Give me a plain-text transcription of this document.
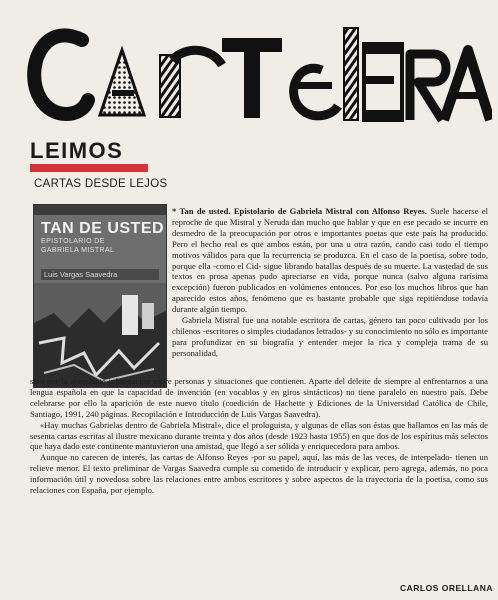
LEIMOS
CARTAS DESDE LEJOS
TAN DE USTED
EPISTOLARIO DE
GABRIELA MISTRAL
Luis Vargas Saavedra

* Tan de usted. Epistolario de Gabriela Mistral con Alfonso Reyes. Suele hacerse el reproche de que Mistral y Neruda dan mucho que hablar y que en ese pecado se incurre en desmedro de la preocupación por otros e importantes poetas que este país ha producido. Pero el hecho real es que ambos están, por una u otra razón, cando casi todo el tiempo motivos válidos para que la recurrencia se produzca. En el caso de la poetisa, sobre todo, porque ella -como el Cid- sigue librando batallas después de su muerte. La vastedad de sus textos en prosa apenas pudo apreciarse en vida, porque nunca (salvo alguna rarísima excepción) fueron publicados en volúmenes entonces. Por eso los muchos libros que han aparecido estos años, fenómeno que es bastante probable que siga repitiéndose todavía durante algún tiempo.

Gabriela Mistral fue una notable escritora de cartas, género tan poco cultivado por los chilenos -escritores o simples ciudadanos letrados- y su conocimiento no sólo es importante para profundizar en su biografía y entender mejor la rica y compleja trama de su personalidad,

sino por la abundante información sobre personas y situaciones que contienen. Aparte del deleite de siempre al enfrentarnos a una lengua española en que la capacidad de invención (en vocablos y en giros sintácticos) no tiene paralelo en nuestro país. Debe celebrarse por ello la aparición de este nuevo título (coedición de Hachette y Ediciones de la Universidad Católica de Chile, Santiago, 1991, 240 páginas. Recopilación e Introducción de Luis Vargas Saavedra).

«Hay muchas Gabrielas dentro de Gabriela Mistral», dice el prologuista, y algunas de ellas son éstas que hallamos en las más de sesenta cartas escritas al ilustre mexicano durante treinta y dos años (desde 1923 hasta 1955) en que dos de los espíritus más selectos que haya dado este continente mantuvieron una amistad, que llegó a ser sólida y enriquecedora para ambos.

Aunque no carecen de interés, las cartas de Alfonso Reyes -por su papel, aquí, las más de las veces, de interpelado- tienen un relieve menor. El texto preliminar de Vargas Saavedra cumple su cometido de introducir y explicar, pero agrega, además, no poca información útil y novedosa sobre las relaciones entre ambos escritores y sobre aspectos de la trayectoria de la poetisa, como sus relaciones con España, por ejemplo.

CARLOS ORELLANA
